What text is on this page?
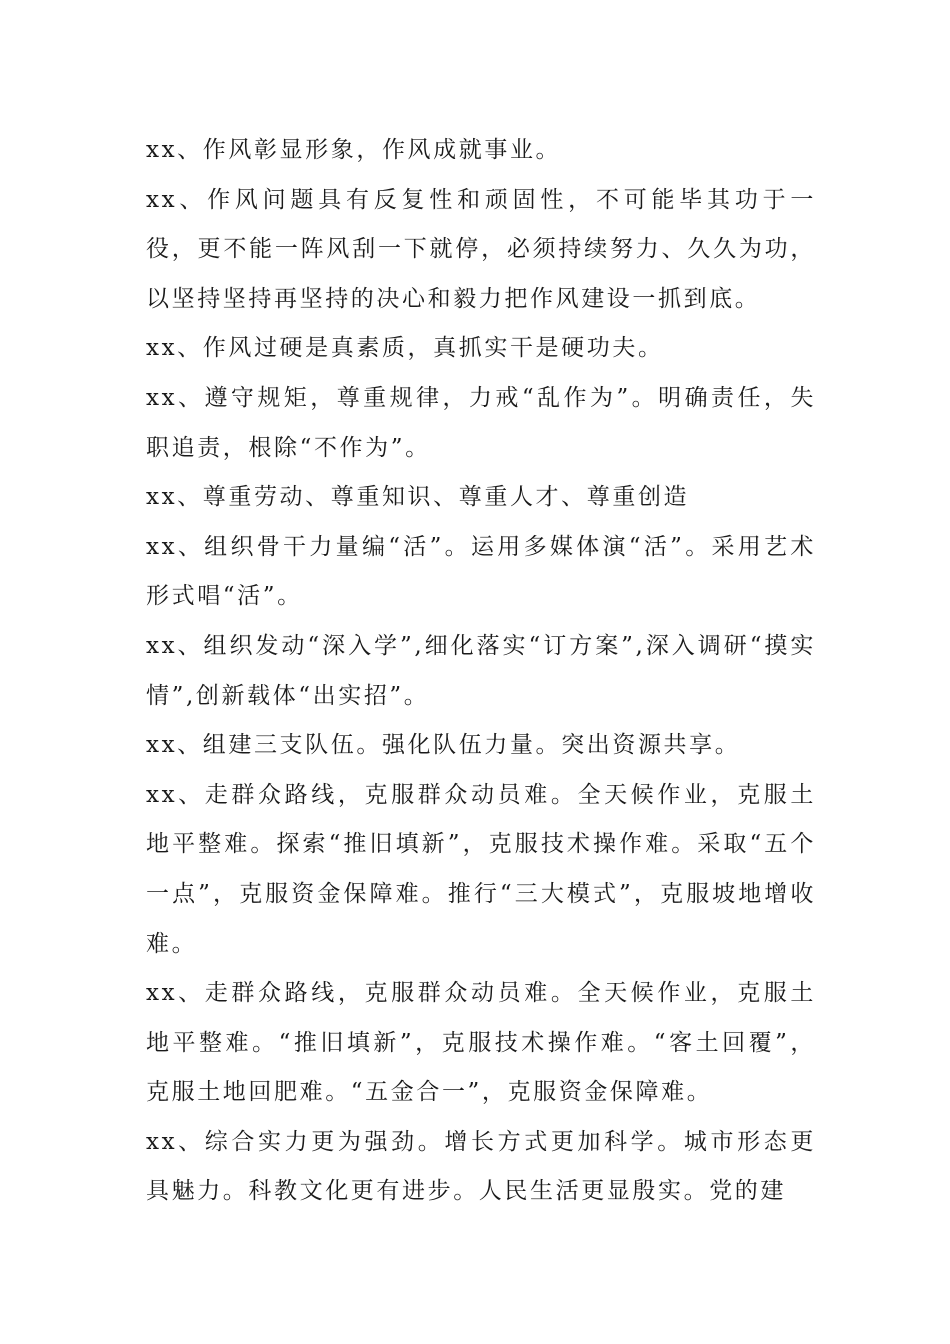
xx、作风彰显形象，作风成就事业。

xx、作风问题具有反复性和顽固性，不可能毕其功于一役，更不能一阵风刮一下就停，必须持续努力、久久为功，以坚持坚持再坚持的决心和毅力把作风建设一抓到底。

xx、作风过硬是真素质，真抓实干是硬功夫。

xx、遵守规矩，尊重规律，力戒“乱作为”。明确责任，失职追责，根除“不作为”。

xx、尊重劳动、尊重知识、尊重人才、尊重创造

xx、组织骨干力量编“活”。运用多媒体演“活”。采用艺术形式唱“活”。

xx、组织发动“深入学”,细化落实“订方案”,深入调研“摸实情”,创新载体“出实招”。

xx、组建三支队伍。强化队伍力量。突出资源共享。

xx、走群众路线，克服群众动员难。全天候作业，克服土地平整难。探索“推旧填新”，克服技术操作难。采取“五个一点”，克服资金保障难。推行“三大模式”，克服坡地增收难。

xx、走群众路线，克服群众动员难。全天候作业，克服土地平整难。“推旧填新”，克服技术操作难。“客土回覆”，克服土地回肥难。“五金合一”，克服资金保障难。

xx、综合实力更为强劲。增长方式更加科学。城市形态更具魅力。科教文化更有进步。人民生活更显殷实。党的建
